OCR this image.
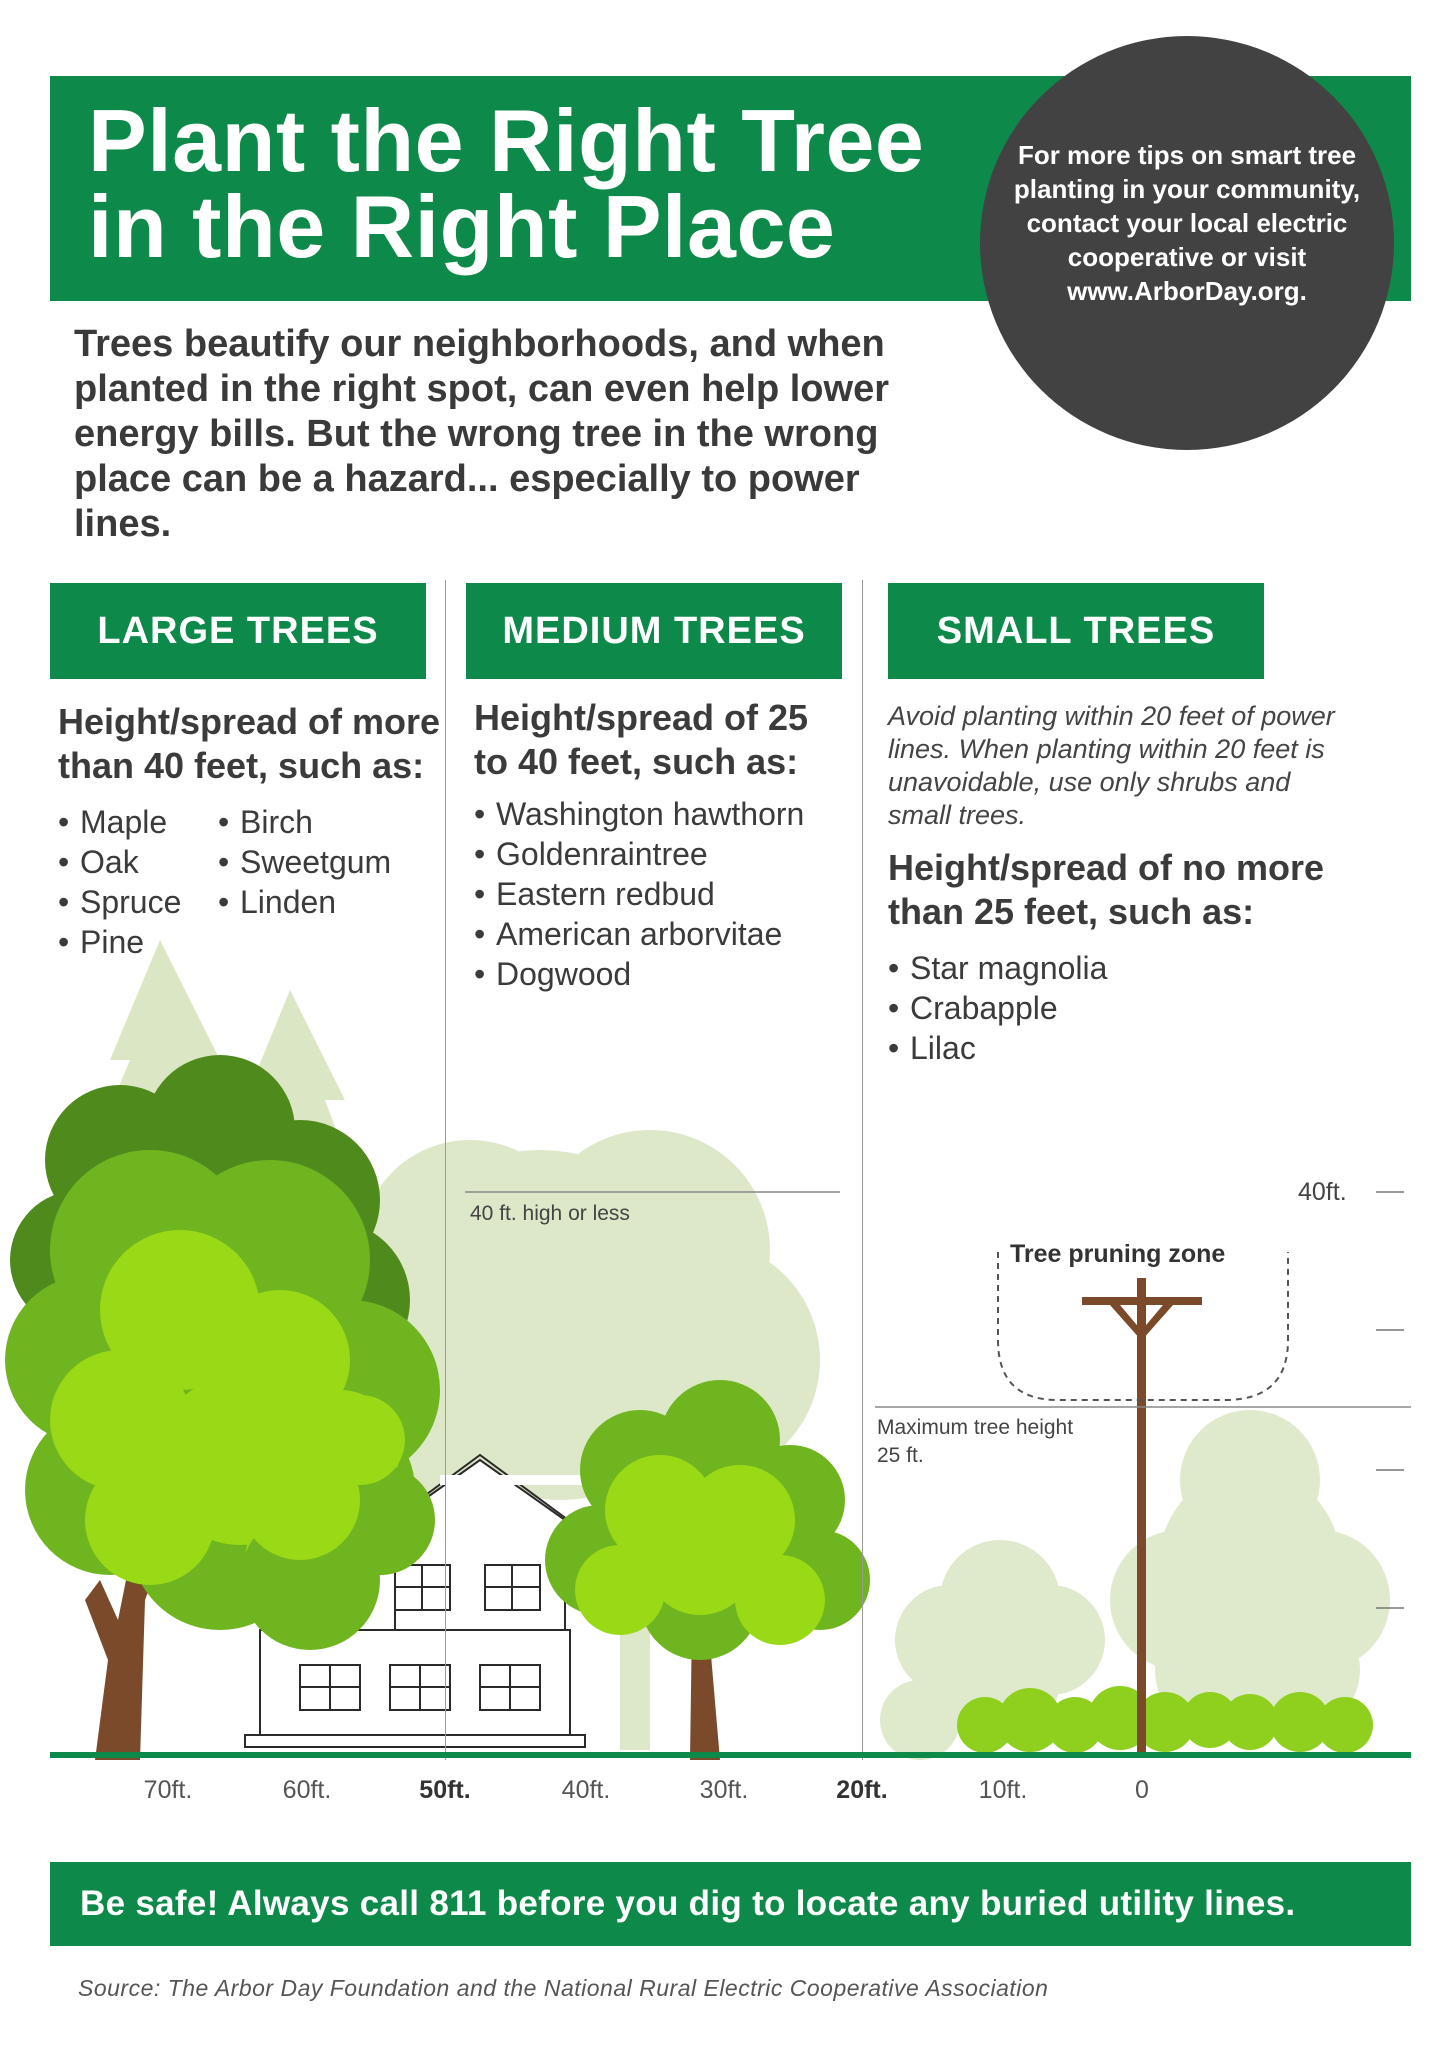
Plant the Right Tree
in the Right Place
For more tips on smart tree planting in your community, contact your local electric cooperative or visit www.ArborDay.org.

Trees beautify our neighborhoods, and when planted in the right spot, can even help lower energy bills. But the wrong tree in the wrong place can be a hazard... especially to power lines.

LARGE TREES	MEDIUM TREES	SMALL TREES

Height/spread of more than 40 feet, such as:

• Maple
• Oak
• Spruce
• Pine
• Birch
• Sweetgum
• Linden

Height/spread of 25 to 40 feet, such as:

• Washington hawthorn
• Goldenraintree
• Eastern redbud
• American arborvitae
• Dogwood

Avoid planting within 20 feet of power lines. When planting within 20 feet is unavoidable, use only shrubs and small trees.

Height/spread of no more than 25 feet, such as:

• Star magnolia
• Crabapple
• Lilac
40 ft. high or less
Tree pruning zone
Maximum tree height 25 ft.
40ft.
70ft.	60ft.	50ft.	40ft.	30ft.	20ft.	10ft.	0
Be safe! Always call 811 before you dig to locate any buried utility lines.
Source: The Arbor Day Foundation and the National Rural Electric Cooperative Association
